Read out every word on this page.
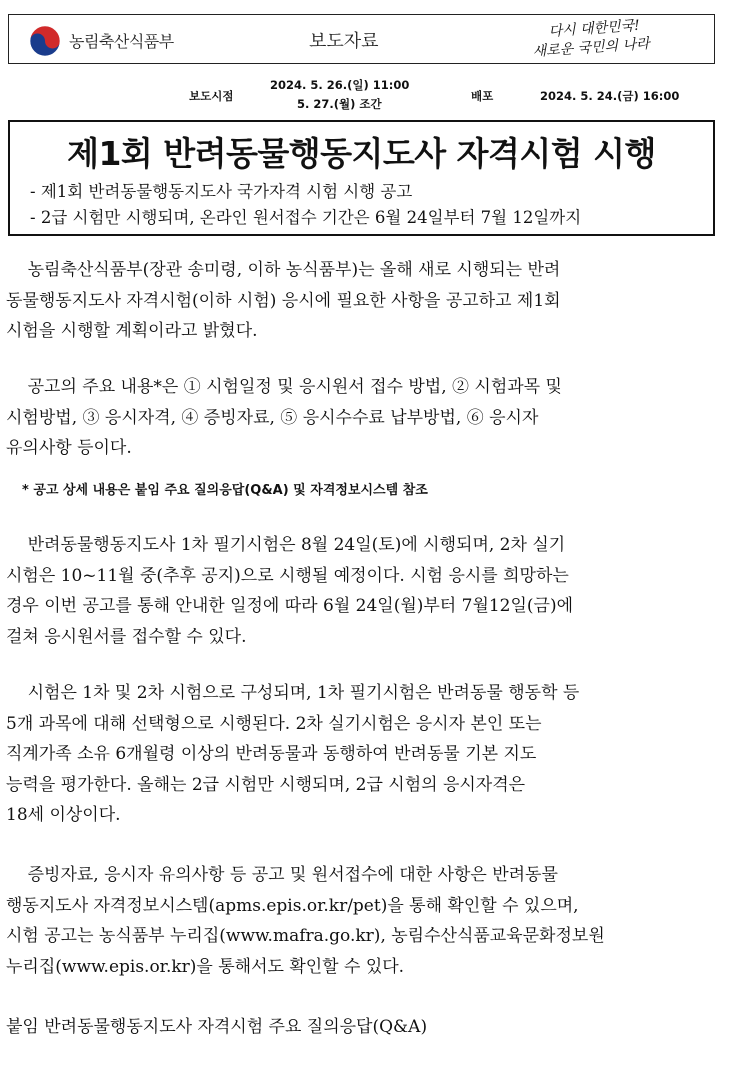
농림축산식품부	보도자료
다시 대한민국!
새로운 국민의 나라
보도시점
2024. 5. 26.(일) 11:00
5. 27.(월) 조간
배포	2024. 5. 24.(금) 16:00
제1회 반려동물행동지도사 자격시험 시행
- 제1회 반려동물행동지도사 국가자격 시험 시행 공고
- 2급 시험만 시행되며, 온라인 원서접수 기간은 6월 24일부터 7월 12일까지
농림축산식품부(장관 송미령, 이하 농식품부)는 올해 새로 시행되는 반려
동물행동지도사 자격시험(이하 시험) 응시에 필요한 사항을 공고하고 제1회
시험을 시행할 계획이라고 밝혔다.
공고의 주요 내용*은 ① 시험일정 및 응시원서 접수 방법, ② 시험과목 및
시험방법, ③ 응시자격, ④ 증빙자료, ⑤ 응시수수료 납부방법, ⑥ 응시자
유의사항 등이다.
* 공고 상세 내용은 붙임 주요 질의응답(Q&A) 및 자격정보시스템 참조
반려동물행동지도사 1차 필기시험은 8월 24일(토)에 시행되며, 2차 실기
시험은 10~11월 중(추후 공지)으로 시행될 예정이다. 시험 응시를 희망하는
경우 이번 공고를 통해 안내한 일정에 따라 6월 24일(월)부터 7월12일(금)에
걸쳐 응시원서를 접수할 수 있다.
시험은 1차 및 2차 시험으로 구성되며, 1차 필기시험은 반려동물 행동학 등
5개 과목에 대해 선택형으로 시행된다. 2차 실기시험은 응시자 본인 또는
직계가족 소유 6개월령 이상의 반려동물과 동행하여 반려동물 기본 지도
능력을 평가한다. 올해는 2급 시험만 시행되며, 2급 시험의 응시자격은
18세 이상이다.
증빙자료, 응시자 유의사항 등 공고 및 원서접수에 대한 사항은 반려동물
행동지도사 자격정보시스템(apms.epis.or.kr/pet)을 통해 확인할 수 있으며,
시험 공고는 농식품부 누리집(www.mafra.go.kr), 농림수산식품교육문화정보원
누리집(www.epis.or.kr)을 통해서도 확인할 수 있다.
붙임 반려동물행동지도사 자격시험 주요 질의응답(Q&A)
